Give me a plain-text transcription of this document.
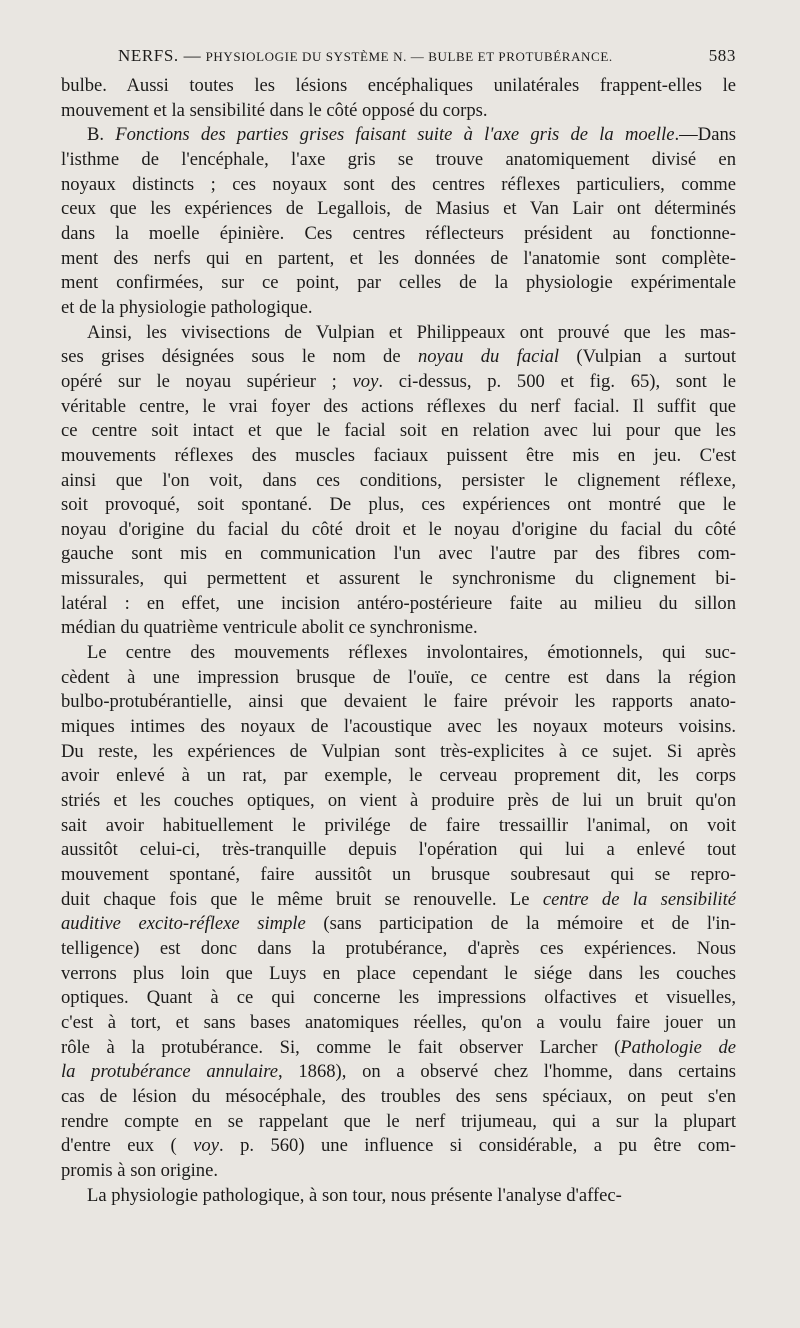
NERFS. — PHYSIOLOGIE DU SYSTÈME N. — BULBE ET PROTUBÉRANCE.	583
bulbe. Aussi toutes les lésions encéphaliques unilatérales frappent-elles le
mouvement et la sensibilité dans le côté opposé du corps.
B. Fonctions des parties grises faisant suite à l'axe gris de la moelle.—Dans
l'isthme de l'encéphale, l'axe gris se trouve anatomiquement divisé en
noyaux distincts ; ces noyaux sont des centres réflexes particuliers, comme
ceux que les expériences de Legallois, de Masius et Van Lair ont déterminés
dans la moelle épinière. Ces centres réflecteurs président au fonctionne-
ment des nerfs qui en partent, et les données de l'anatomie sont complète-
ment confirmées, sur ce point, par celles de la physiologie expérimentale
et de la physiologie pathologique.
Ainsi, les vivisections de Vulpian et Philippeaux ont prouvé que les mas-
ses grises désignées sous le nom de noyau du facial (Vulpian a surtout
opéré sur le noyau supérieur ; voy. ci-dessus, p. 500 et fig. 65), sont le
véritable centre, le vrai foyer des actions réflexes du nerf facial. Il suffit que
ce centre soit intact et que le facial soit en relation avec lui pour que les
mouvements réflexes des muscles faciaux puissent être mis en jeu. C'est
ainsi que l'on voit, dans ces conditions, persister le clignement réflexe,
soit provoqué, soit spontané. De plus, ces expériences ont montré que le
noyau d'origine du facial du côté droit et le noyau d'origine du facial du côté
gauche sont mis en communication l'un avec l'autre par des fibres com-
missurales, qui permettent et assurent le synchronisme du clignement bi-
latéral : en effet, une incision antéro-postérieure faite au milieu du sillon
médian du quatrième ventricule abolit ce synchronisme.
Le centre des mouvements réflexes involontaires, émotionnels, qui suc-
cèdent à une impression brusque de l'ouïe, ce centre est dans la région
bulbo-protubérantielle, ainsi que devaient le faire prévoir les rapports anato-
miques intimes des noyaux de l'acoustique avec les noyaux moteurs voisins.
Du reste, les expériences de Vulpian sont très-explicites à ce sujet. Si après
avoir enlevé à un rat, par exemple, le cerveau proprement dit, les corps
striés et les couches optiques, on vient à produire près de lui un bruit qu'on
sait avoir habituellement le privilége de faire tressaillir l'animal, on voit
aussitôt celui-ci, très-tranquille depuis l'opération qui lui a enlevé tout
mouvement spontané, faire aussitôt un brusque soubresaut qui se repro-
duit chaque fois que le même bruit se renouvelle. Le centre de la sensibilité
auditive excito-réflexe simple (sans participation de la mémoire et de l'in-
telligence) est donc dans la protubérance, d'après ces expériences. Nous
verrons plus loin que Luys en place cependant le siége dans les couches
optiques. Quant à ce qui concerne les impressions olfactives et visuelles,
c'est à tort, et sans bases anatomiques réelles, qu'on a voulu faire jouer un
rôle à la protubérance. Si, comme le fait observer Larcher (Pathologie de
la protubérance annulaire, 1868), on a observé chez l'homme, dans certains
cas de lésion du mésocéphale, des troubles des sens spéciaux, on peut s'en
rendre compte en se rappelant que le nerf trijumeau, qui a sur la plupart
d'entre eux ( voy. p. 560) une influence si considérable, a pu être com-
promis à son origine.
La physiologie pathologique, à son tour, nous présente l'analyse d'affec-
